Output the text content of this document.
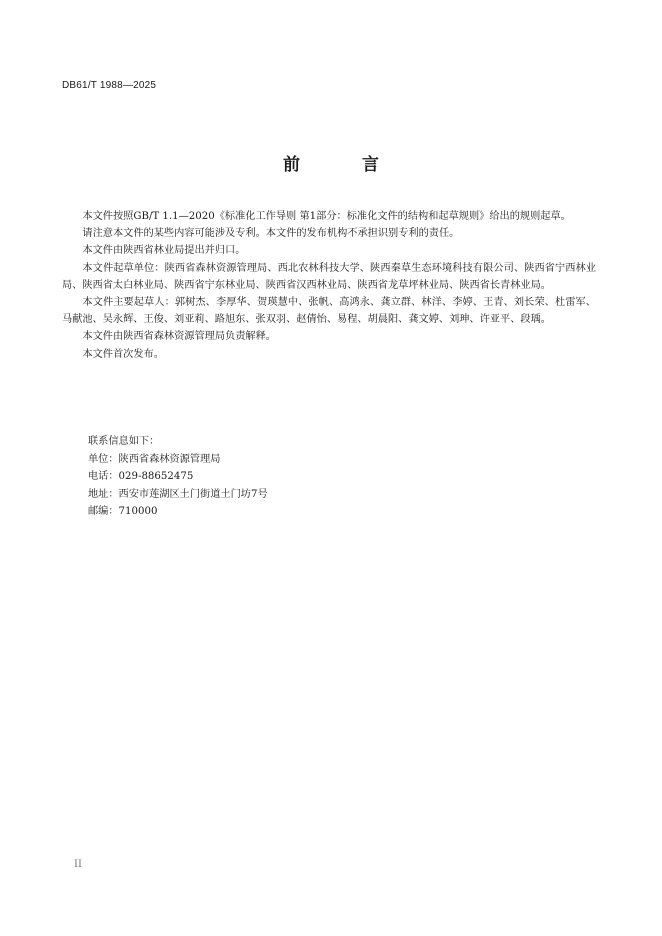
DB61/T 1988—2025
前 言

本文件按照GB/T 1.1—2020《标准化工作导则 第1部分：标准化文件的结构和起草规则》给出的规则起草。

请注意本文件的某些内容可能涉及专利。本文件的发布机构不承担识别专利的责任。

本文件由陕西省林业局提出并归口。

本文件起草单位：陕西省森林资源管理局、西北农林科技大学、陕西秦草生态环境科技有限公司、陕西省宁西林业局、陕西省太白林业局、陕西省宁东林业局、陕西省汉西林业局、陕西省龙草坪林业局、陕西省长青林业局。

本文件主要起草人：郭树杰、李厚华、贺瑛慧中、张帆、高鸿永、龚立群、林洋、李婷、王青、刘长荣、杜雷军、马献池、吴永辉、王俊、刘亚莉、路旭东、张双羽、赵倩怡、易程、胡晨阳、龚文婷、刘珅、许亚平、段瑀。

本文件由陕西省森林资源管理局负责解释。

本文件首次发布。

联系信息如下：
单位：陕西省森林资源管理局
电话：029-88652475
地址：西安市莲湖区土门街道土门坊7号
邮编：710000
II
